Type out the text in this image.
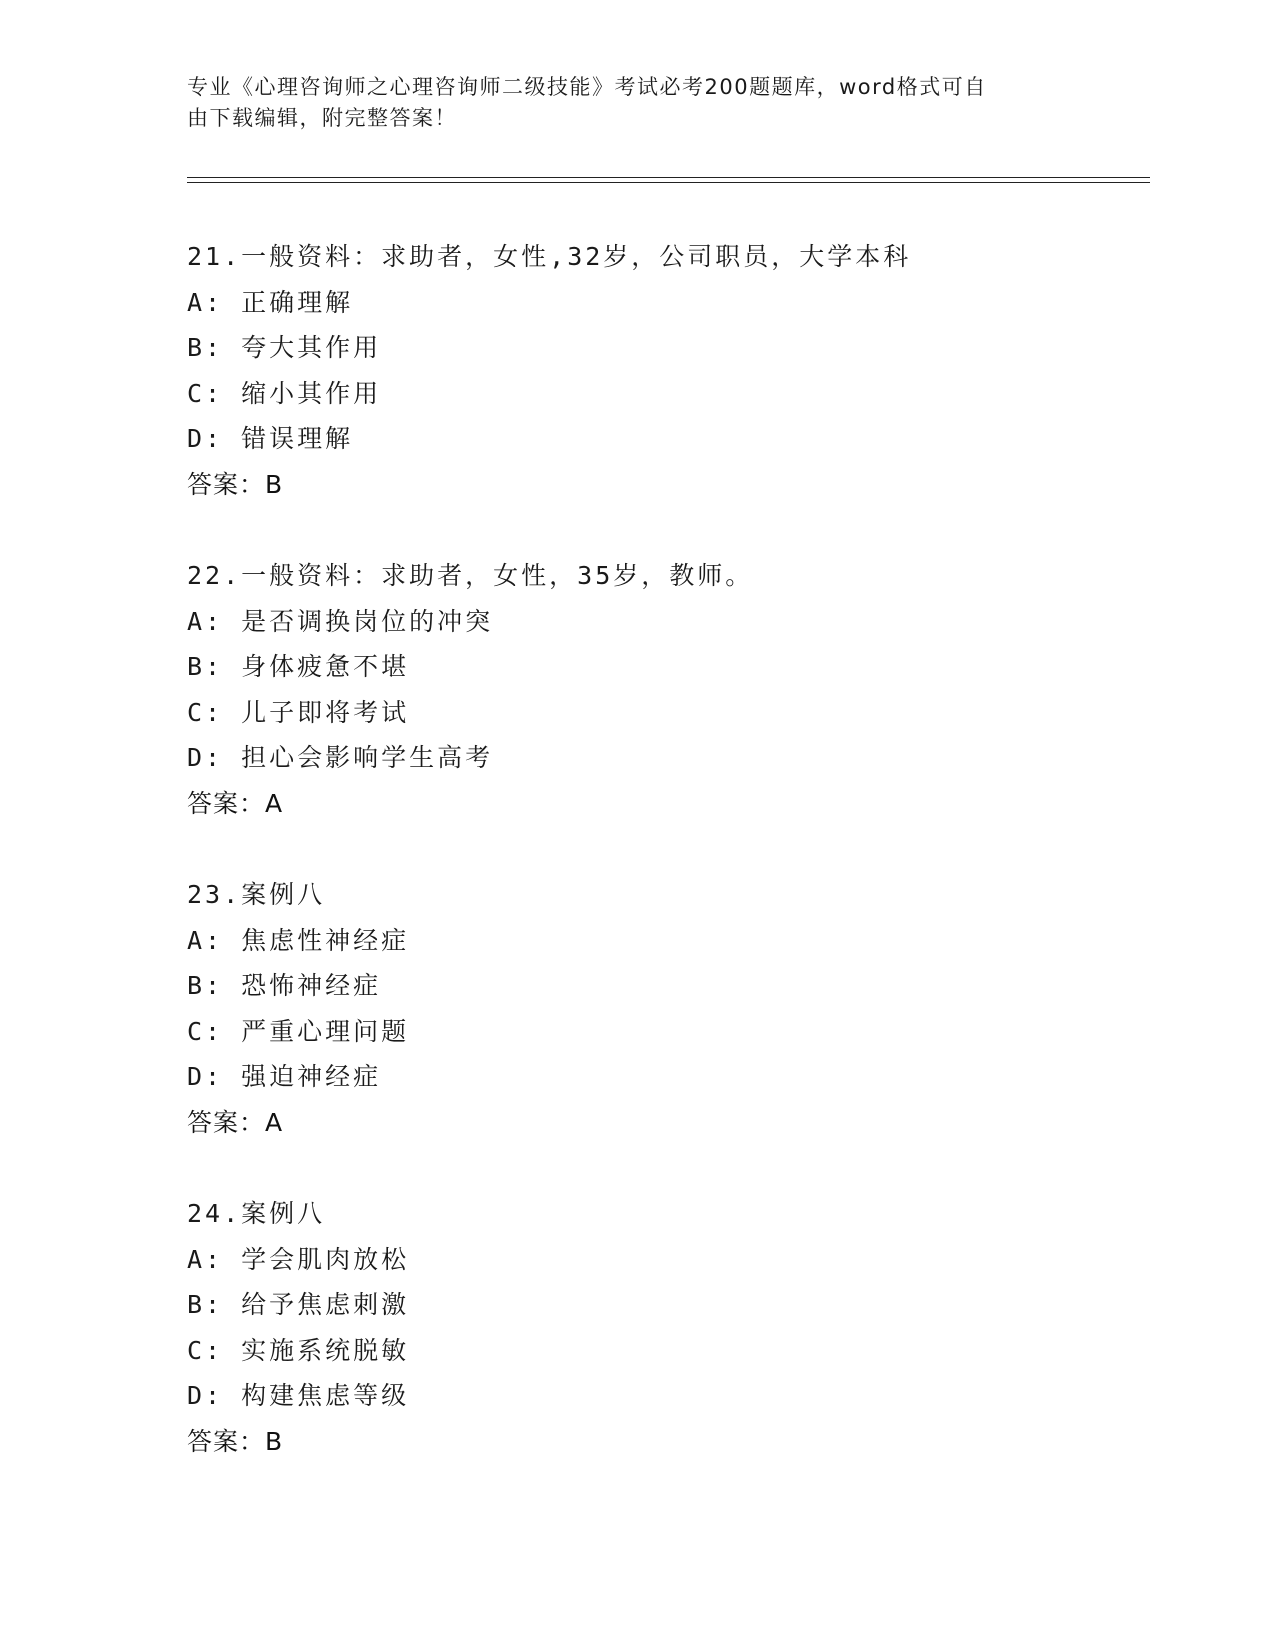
专业《心理咨询师之心理咨询师二级技能》考试必考200题题库，word格式可自
由下载编辑，附完整答案！
21.一般资料：求助者，女性,32岁，公司职员，大学本科
A: 正确理解
B: 夸大其作用
C: 缩小其作用
D: 错误理解
答案：B
22.一般资料：求助者，女性，35岁，教师。
A: 是否调换岗位的冲突
B: 身体疲惫不堪
C: 儿子即将考试
D: 担心会影响学生高考
答案：A
23.案例八
A: 焦虑性神经症
B: 恐怖神经症
C: 严重心理问题
D: 强迫神经症
答案：A
24.案例八
A: 学会肌肉放松
B: 给予焦虑刺激
C: 实施系统脱敏
D: 构建焦虑等级
答案：B
